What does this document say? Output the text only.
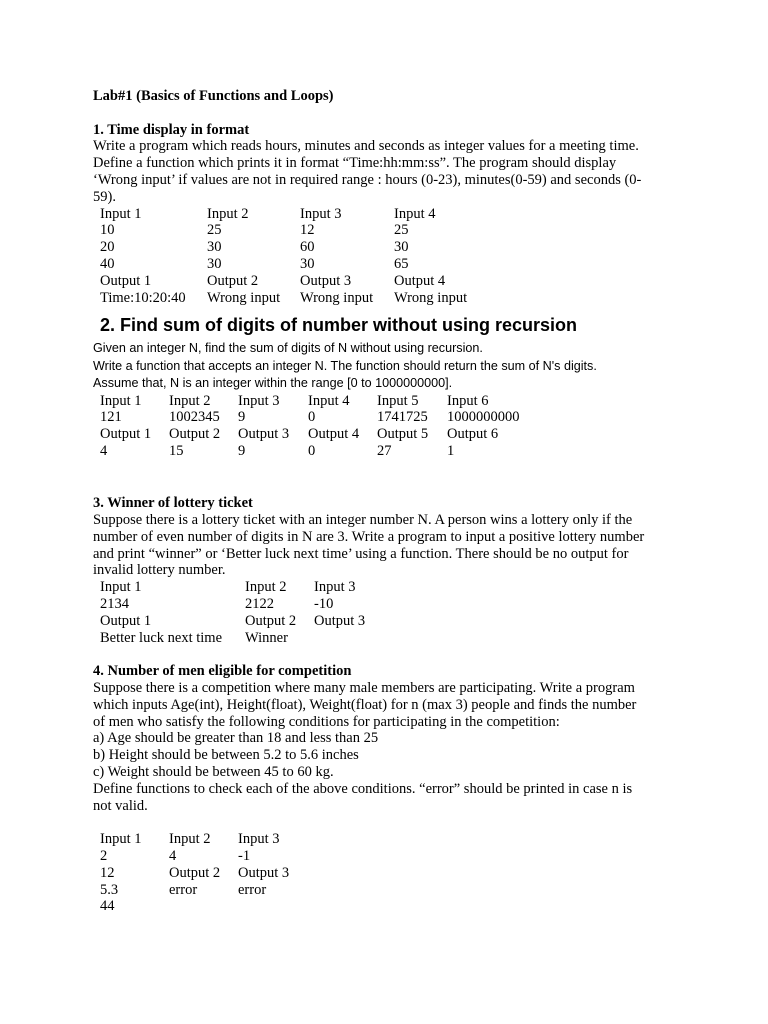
Lab#1 (Basics of Functions and Loops)
1. Time display in format

Write a program which reads hours, minutes and seconds as integer values for a meeting time.

Define a function which prints it in format “Time:hh:mm:ss”. The program should display

‘Wrong input’ if values are not in required range : hours (0-23), minutes(0-59) and seconds (0-

59).

Input 1	Input 2	Input 3	Input 4
10	25	12	25
20	30	60	30
40	30	30	65
Output 1	Output 2	Output 3	Output 4
Time:10:20:40	Wrong input	Wrong input	Wrong input
2. Find sum of digits of number without using recursion

Given an integer N, find the sum of digits of N without using recursion.

Write a function that accepts an integer N. The function should return the sum of N's digits.

Assume that, N is an integer within the range [0 to 1000000000].

Input 1	Input 2	Input 3	Input 4	Input 5	Input 6
121	1002345	9	0	1741725	1000000000
Output 1	Output 2	Output 3	Output 4	Output 5	Output 6
4	15	9	0	27	1
3. Winner of lottery ticket

Suppose there is a lottery ticket with an integer number N. A person wins a lottery only if the

number of even number of digits in N are 3. Write a program to input a positive lottery number

and print “winner” or ‘Better luck next time’ using a function. There should be no output for

invalid lottery number.

Input 1	Input 2	Input 3
2134	2122	-10
Output 1	Output 2	Output 3
Better luck next time	Winner	
4. Number of men eligible for competition

Suppose there is a competition where many male members are participating. Write a program

which inputs Age(int), Height(float), Weight(float) for n (max 3) people and finds the number

of men who satisfy the following conditions for participating in the competition:

a) Age should be greater than 18 and less than 25

b) Height should be between 5.2 to 5.6 inches

c) Weight should be between 45 to 60 kg.

Define functions to check each of the above conditions. “error” should be printed in case n is

not valid.

Input 1	Input 2	Input 3
2	4	-1
12	Output 2	Output 3
5.3	error	error
44		
